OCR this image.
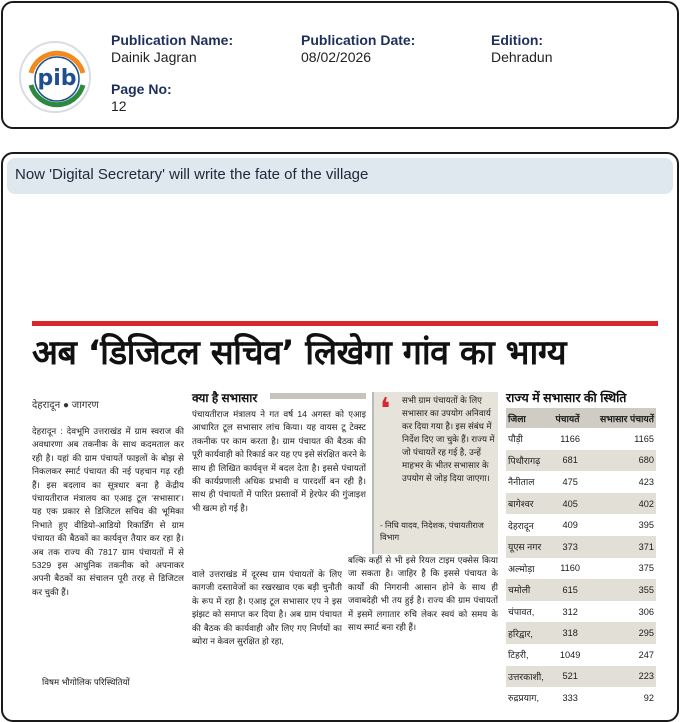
pib
Publication Name:
Dainik Jagran
Publication Date:
08/02/2026
Edition:
Dehradun
Page No:
12
Now 'Digital Secretary' will write the fate of the village
अब ‘डिजिटल सचिव’ लिखेगा गांव का भाग्य
देहरादून ● जागरण
देहरादून : देवभूमि उत्तराखंड में ग्राम स्वराज की अवधारणा अब तकनीक के साथ कदमताल कर रही है। यहां की ग्राम पंचायतें फाइलों के बोझ से निकलकर स्मार्ट पंचायत की नई पहचान गढ़ रही हैं। इस बदलाव का सूत्रधार बना है केंद्रीय पंचायतीराज मंत्रालय का एआइ टूल ‘सभासार’। यह एक प्रकार से डिजिटल सचिव की भूमिका निभाते हुए वीडियो-आडियो रिकार्डिंग से ग्राम पंचायत की बैठकों का कार्यवृत्त तैयार कर रहा है। अब तक राज्य की 7817 ग्राम पंचायतों में से 5329 इस आधुनिक तकनीक को अपनाकर अपनी बैठकों का संचालन पूरी तरह से डिजिटल कर चुकी हैं।
विषम भौगोलिक परिस्थितियों
क्या है सभासार
पंचायतीराज मंत्रालय ने गत वर्ष 14 अगस्त को एआइ आधारित टूल सभासार लांच किया। यह वायस टू टेक्स्ट तकनीक पर काम करता है। ग्राम पंचायत की बैठक की पूरी कार्यवाही को रिकार्ड कर यह एप इसे संरक्षित करने के साथ ही लिखित कार्यवृत्त में बदल देता है। इससे पंचायतों की कार्यप्रणाली अधिक प्रभावी व पारदर्शी बन रही है। साथ ही पंचायतों में पारित प्रस्तावों में हेरफेर की गुंजाइश भी खत्म हो गई है।
वाले उत्तराखंड में दूरस्थ ग्राम पंचायतों के लिए कागजी दस्तावेजों का रखरखाव एक बड़ी चुनौती के रूप में रहा है। एआइ टूल सभासार एप ने इस झंझट को समाप्त कर दिया है। अब ग्राम पंचायत की बैठक की कार्यवाही और लिए गए निर्णयों का ब्योरा न केवल सुरक्षित हो रहा,
बल्कि कहीं से भी इसे रियल टाइम एक्सेस किया जा सकता है। जाहिर है कि इससे पंचायत के कार्यों की निगरानी आसान होने के साथ ही जवाबदेही भी तय हुई है। राज्य की ग्राम पंचायतों में इसमें लगातार रुचि लेकर स्वयं को समय के साथ स्मार्ट बना रही हैं।
❛ सभी ग्राम पंचायतों के लिए सभासार का उपयोग अनिवार्य कर दिया गया है। इस संबंध में निर्देश दिए जा चुके हैं। राज्य में जो पंचायतें रह गई है, उन्हें माहभर के भीतर सभासार के उपयोग से जोड़ दिया जाएगा।
- निधि यादव, निदेशक, पंचायतीराज विभाग
राज्य में सभासार की स्थिति
जिला	पंचायतें	सभासार पंचायतें
पौड़ी	1166	1165
पिथौरागढ़	681	680
नैनीताल	475	423
बागेश्वर	405	402
देहरादून	409	395
यूएस नगर	373	371
अल्मोड़ा	1160	375
चमोली	615	355
चंपावत,	312	306
हरिद्वार,	318	295
टिहरी,	1049	247
उत्तरकाशी,	521	223
रुद्रप्रयाग,	333	92
